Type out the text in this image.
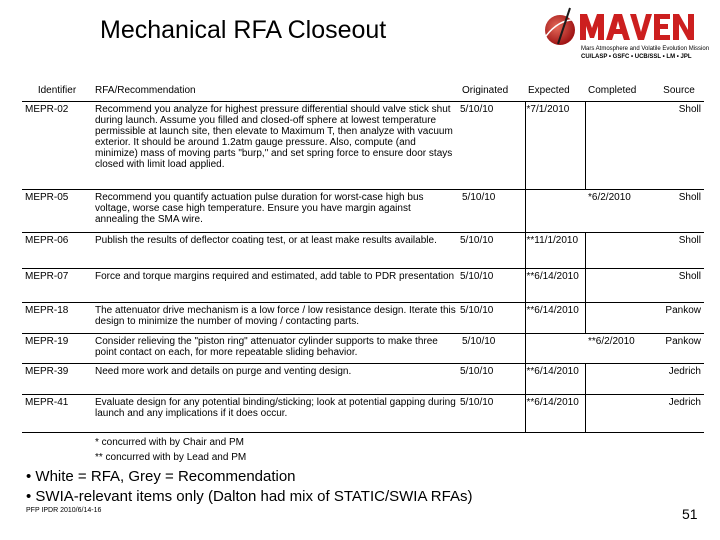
Mechanical RFA Closeout
Mars Atmosphere and Volatile Evolution Mission
CU/LASP • GSFC • UCB/SSL • LM • JPL
Identifier	RFA/Recommendation	Originated	Expected	Completed	Source
MEPR-02	Recommend you analyze for highest pressure differential should valve stick shut during launch. Assume you filled and closed-off sphere at lowest temperature permissible at launch site, then elevate to Maximum T, then analyze with vacuum exterior. It should be around 1.2atm gauge pressure. Also, compute (and minimize) mass of moving parts "burp," and set spring force to ensure door stays closed with limit load applied.	5/10/10	*7/1/2010		Sholl
MEPR-05	Recommend you quantify actuation pulse duration for worst-case high bus voltage, worse case high temperature. Ensure you have margin against annealing the SMA wire.	5/10/10		*6/2/2010	Sholl
MEPR-06	Publish the results of deflector coating test, or at least make results available.	5/10/10	**11/1/2010		Sholl
MEPR-07	Force and torque margins required and estimated, add table to PDR presentation	5/10/10	**6/14/2010		Sholl
MEPR-18	The attenuator drive mechanism is a low force / low resistance design. Iterate this design to minimize the number of moving / contacting parts.	5/10/10	**6/14/2010		Pankow
MEPR-19	Consider relieving the "piston ring" attenuator cylinder supports to make three point contact on each, for more repeatable sliding behavior.	5/10/10		**6/2/2010	Pankow
MEPR-39	Need more work and details on purge and venting design.	5/10/10	**6/14/2010		Jedrich
MEPR-41	Evaluate design for any potential binding/sticking; look at potential gapping during launch and any implications if it does occur.	5/10/10	**6/14/2010		Jedrich
* concurred with by Chair and PM
** concurred with by Lead and PM
• White = RFA, Grey = Recommendation
• SWIA-relevant items only (Dalton had mix of STATIC/SWIA RFAs)
PFP IPDR 2010/6/14-16	51
